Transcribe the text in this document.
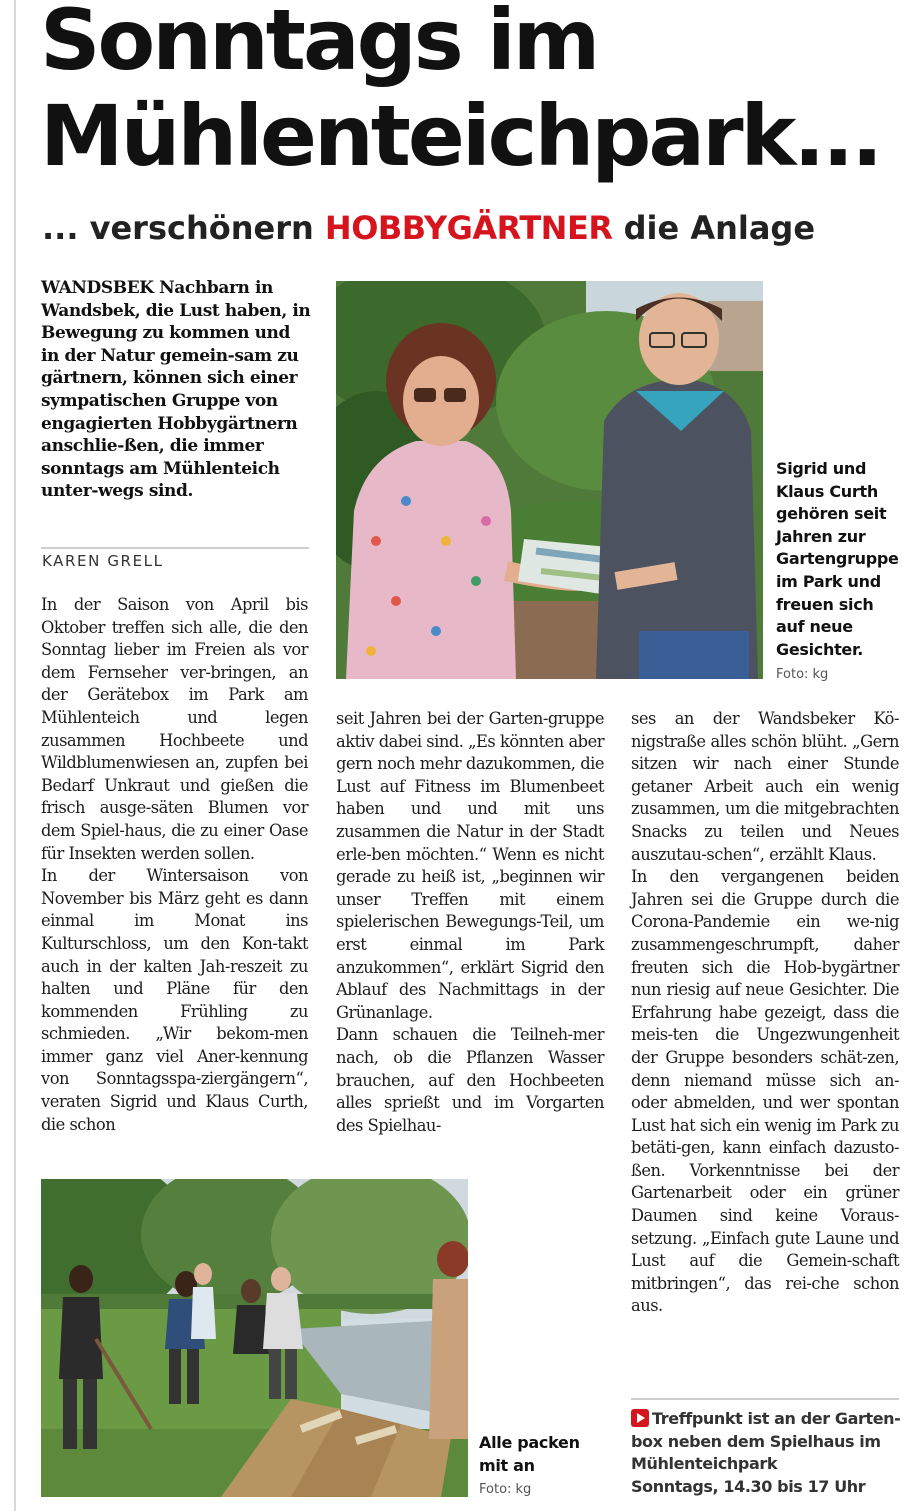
Sonntags im Mühlenteichpark...
... verschönern HOBBYGÄRTNER die Anlage

WANDSBEK Nachbarn in Wandsbek, die Lust haben, in Bewegung zu kommen und in der Natur gemein-sam zu gärtnern, können sich einer sympatischen Gruppe von engagierten Hobbygärtnern anschlie-ßen, die immer sonntags am Mühlenteich unter-wegs sind.

KAREN GRELL

In der Saison von April bis Oktober treffen sich alle, die den Sonntag lieber im Freien als vor dem Fernseher ver-bringen, an der Gerätebox im Park am Mühlenteich und legen zusammen Hochbeete und Wildblumenwiesen an, zupfen bei Bedarf Unkraut und gießen die frisch ausge-säten Blumen vor dem Spiel-haus, die zu einer Oase für Insekten werden sollen.

In der Wintersaison von November bis März geht es dann einmal im Monat ins Kulturschloss, um den Kon-takt auch in der kalten Jah-reszeit zu halten und Pläne für den kommenden Frühling zu schmieden. „Wir bekom-men immer ganz viel Aner-kennung von Sonntagsspa-ziergängern“, veraten Sigrid und Klaus Curth, die schon

seit Jahren bei der Garten-gruppe aktiv dabei sind. „Es könnten aber gern noch mehr dazukommen, die Lust auf Fitness im Blumenbeet haben und und mit uns zusammen die Natur in der Stadt erle-ben möchten.“ Wenn es nicht gerade zu heiß ist, „beginnen wir unser Treffen mit einem spielerischen Bewegungs-Teil, um erst einmal im Park anzukommen“, erklärt Sigrid den Ablauf des Nachmittags in der Grünanlage.

Dann schauen die Teilneh-mer nach, ob die Pflanzen Wasser brauchen, auf den Hochbeeten alles sprießt und im Vorgarten des Spielhau-

ses an der Wandsbeker Kö-nigstraße alles schön blüht. „Gern sitzen wir nach einer Stunde getaner Arbeit auch ein wenig zusammen, um die mitgebrachten Snacks zu teilen und Neues auszutau-schen“, erzählt Klaus.

In den vergangenen beiden Jahren sei die Gruppe durch die Corona-Pandemie ein we-nig zusammengeschrumpft, daher freuten sich die Hob-bygärtner nun riesig auf neue Gesichter. Die Erfahrung habe gezeigt, dass die meis-ten die Ungezwungenheit der Gruppe besonders schät-zen, denn niemand müsse sich an- oder abmelden, und wer spontan Lust hat sich ein wenig im Park zu betäti-gen, kann einfach dazusto-ßen. Vorkenntnisse bei der Gartenarbeit oder ein grüner Daumen sind keine Voraus-setzung. „Einfach gute Laune und Lust auf die Gemein-schaft mitbringen“, das rei-che schon aus.

Sigrid und Klaus Curth gehören seit Jahren zur Gartengruppe im Park und freuen sich auf neue Gesichter.

Foto: kg

Alle packen mit an

Foto: kg

Treffpunkt ist an der Garten-box neben dem Spielhaus im Mühlenteichpark
Sonntags, 14.30 bis 17 Uhr
